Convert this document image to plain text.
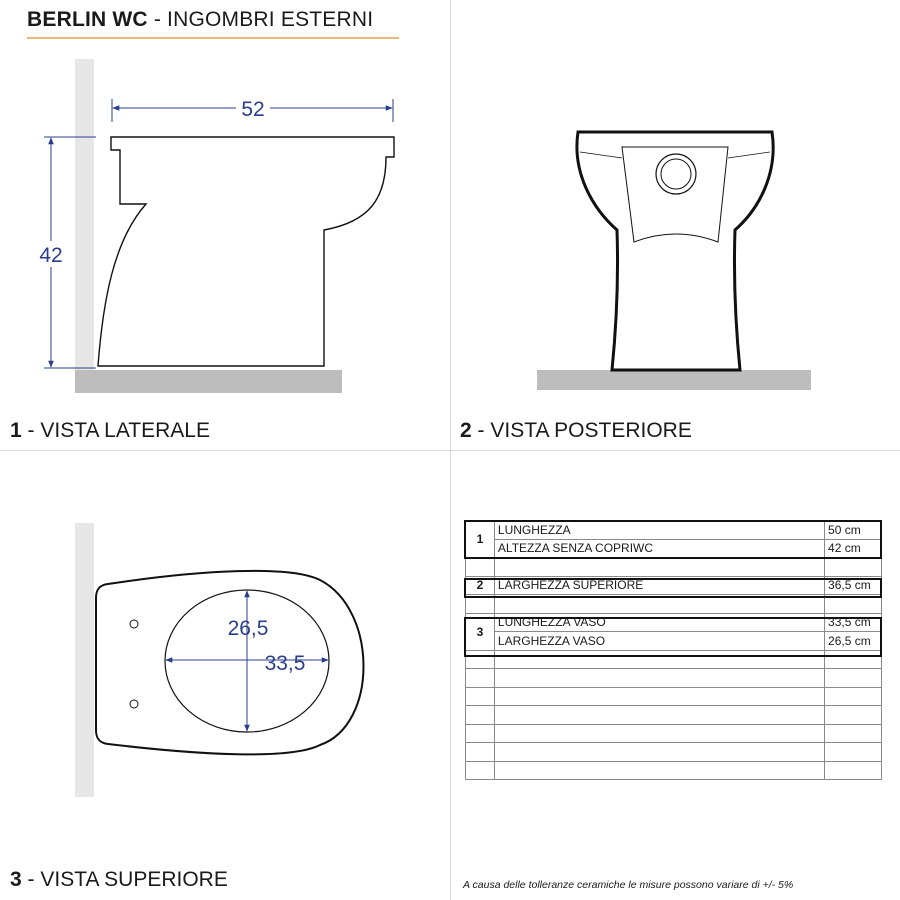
BERLIN WC - INGOMBRI ESTERNI
52
42
26,5
33,5
1 - VISTA LATERALE	2 - VISTA POSTERIORE
3 - VISTA SUPERIORE
1	LUNGHEZZA	50 cm
	ALTEZZA SENZA COPRIWC	42 cm

2	LARGHEZZA SUPERIORE	36,5 cm

3	LUNGHEZZA VASO	33,5 cm
	LARGHEZZA VASO	26,5 cm

A causa delle tolleranze ceramiche le misure possono variare di +/- 5%
